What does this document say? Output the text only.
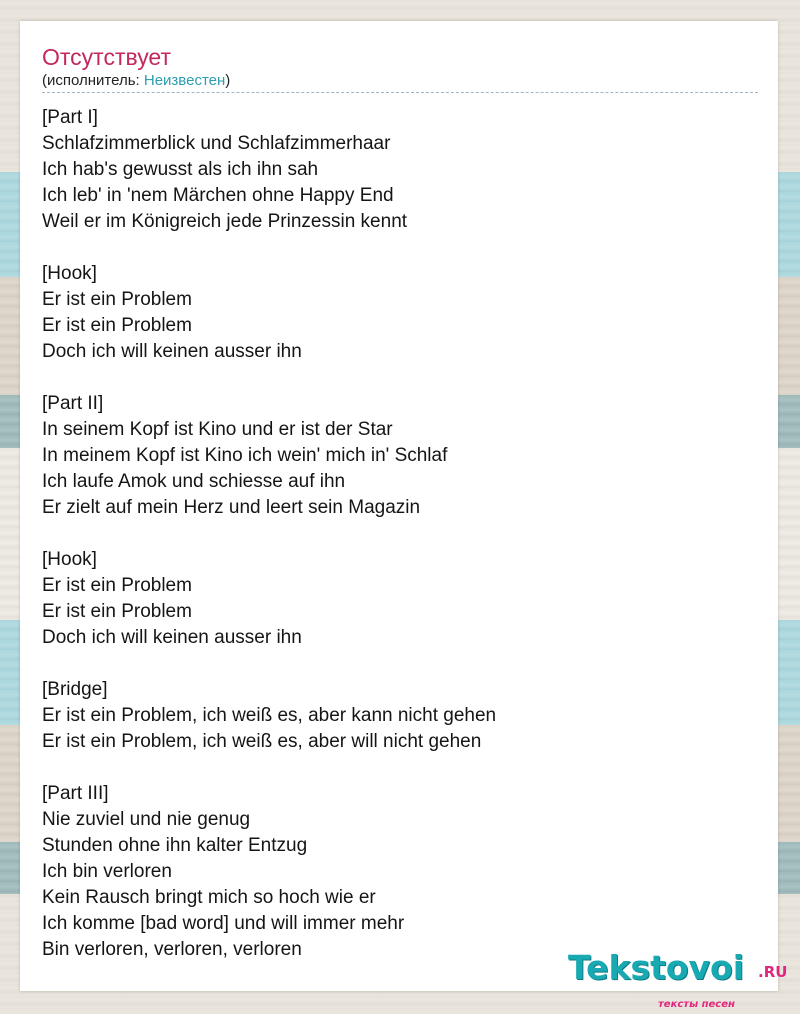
Отсутствует
(исполнитель: Неизвестен)
[Part I]
Schlafzimmerblick und Schlafzimmerhaar
Ich hab's gewusst als ich ihn sah
Ich leb' in 'nem Märchen ohne Happy End
Weil er im Königreich jede Prinzessin kennt
[Hook]
Er ist ein Problem
Er ist ein Problem
Doch ich will keinen ausser ihn
[Part II]
In seinem Kopf ist Kino und er ist der Star
In meinem Kopf ist Kino ich wein' mich in' Schlaf
Ich laufe Amok und schiesse auf ihn
Er zielt auf mein Herz und leert sein Magazin
[Hook]
Er ist ein Problem
Er ist ein Problem
Doch ich will keinen ausser ihn
[Bridge]
Er ist ein Problem, ich weiß es, aber kann nicht gehen
Er ist ein Problem, ich weiß es, aber will nicht gehen
[Part III]
Nie zuviel und nie genug
Stunden ohne ihn kalter Entzug
Ich bin verloren
Kein Rausch bringt mich so hoch wie er
Ich komme [bad word] und will immer mehr
Bin verloren, verloren, verloren	Tekstovoi .RU
тексты песен
